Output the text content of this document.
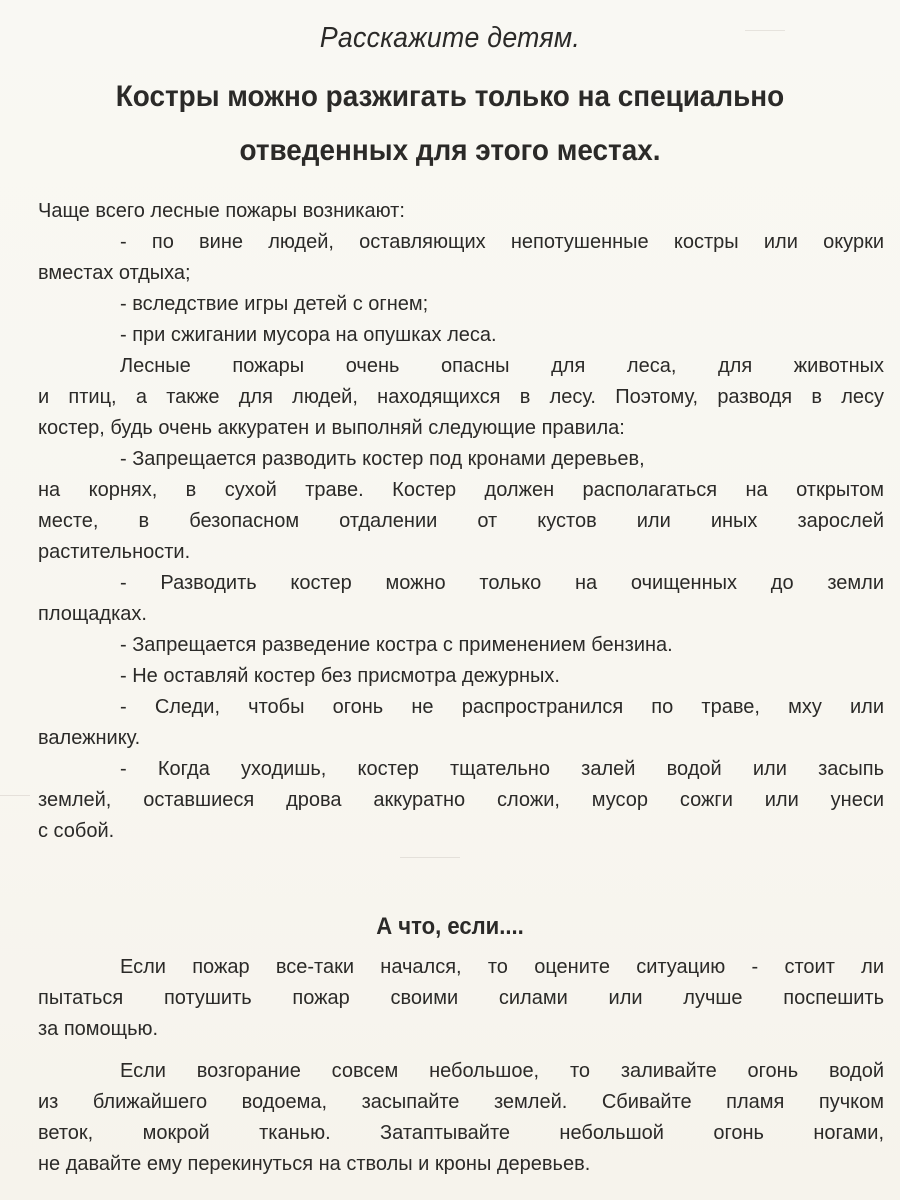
Расскажите детям.
Костры можно разжигать только на специально
отведенных для этого местах.
Чаще всего лесные пожары возникают:
- по вине людей, оставляющих непотушенные костры или окурки
вместах отдыха;
- вследствие игры детей с огнем;
- при сжигании мусора на опушках леса.
Лесные пожары очень опасны для леса, для животных
и птиц, а также для людей, находящихся в лесу. Поэтому, разводя в лесу
костер, будь очень аккуратен и выполняй следующие правила:
- Запрещается разводить костер под кронами деревьев,
на корнях, в сухой траве. Костер должен располагаться на открытом
месте, в безопасном отдалении от кустов или иных зарослей
растительности.
- Разводить костер можно только на очищенных до земли
площадках.
- Запрещается разведение костра с применением бензина.
- Не оставляй костер без присмотра дежурных.
- Следи, чтобы огонь не распространился по траве, мху или
валежнику.
- Когда уходишь, костер тщательно залей водой или засыпь
землей, оставшиеся дрова аккуратно сложи, мусор сожги или унеси
с собой.
А что, если....
Если пожар все-таки начался, то оцените ситуацию - стоит ли
пытаться потушить пожар своими силами или лучше поспешить
за помощью.
Если возгорание совсем небольшое, то заливайте огонь водой
из ближайшего водоема, засыпайте землей. Сбивайте пламя пучком
веток, мокрой тканью. Затаптывайте небольшой огонь ногами,
не давайте ему перекинуться на стволы и кроны деревьев.
